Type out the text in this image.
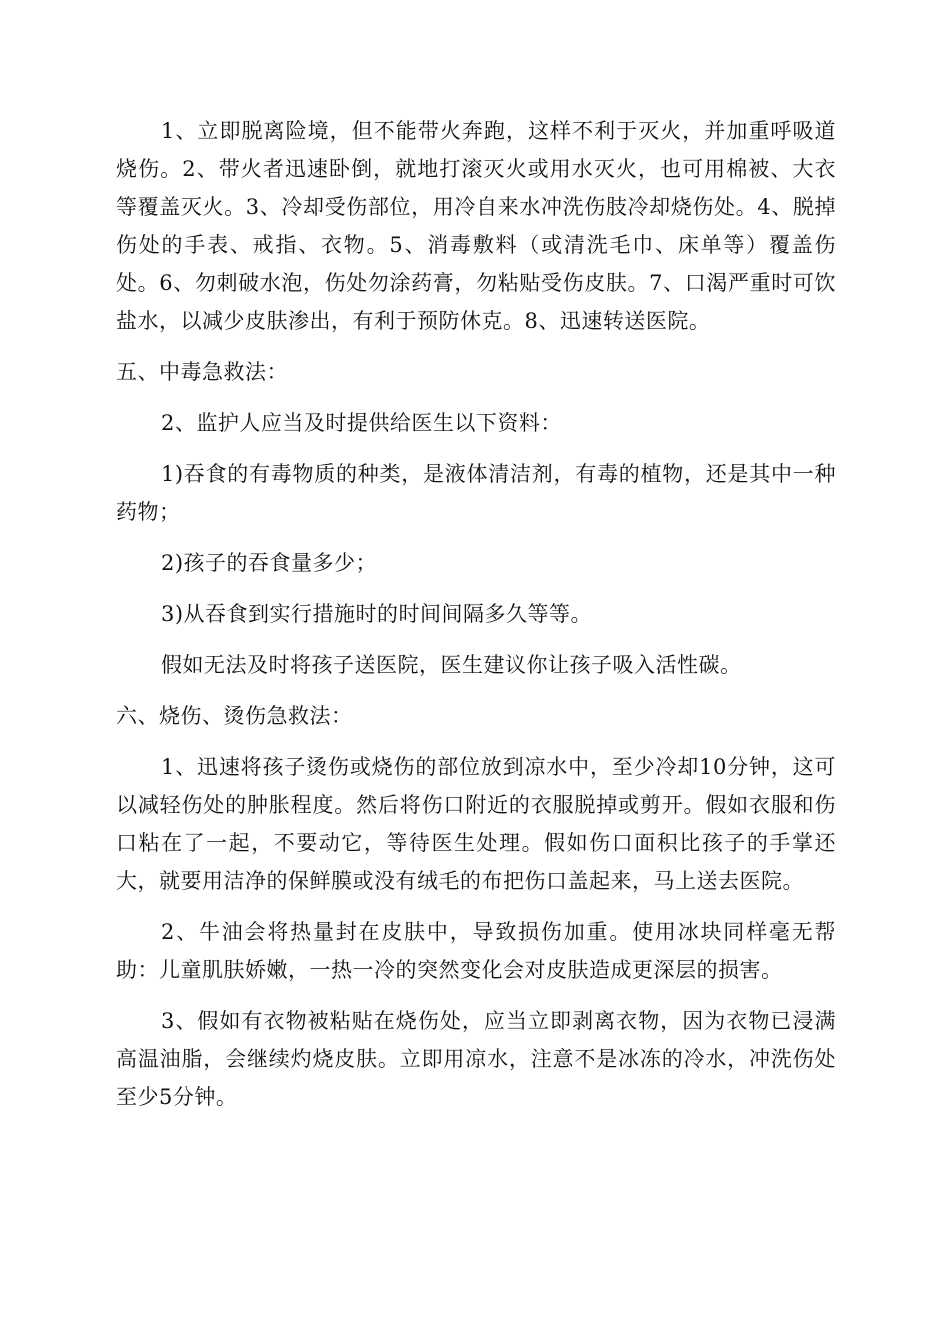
1、立即脱离险境，但不能带火奔跑，这样不利于灭火，并加重呼吸道烧伤。2、带火者迅速卧倒，就地打滚灭火或用水灭火，也可用棉被、大衣等覆盖灭火。3、冷却受伤部位，用冷自来水冲洗伤肢冷却烧伤处。4、脱掉伤处的手表、戒指、衣物。5、消毒敷料（或清洗毛巾、床单等）覆盖伤处。6、勿刺破水泡，伤处勿涂药膏，勿粘贴受伤皮肤。7、口渴严重时可饮盐水，以减少皮肤渗出，有利于预防休克。8、迅速转送医院。

五、中毒急救法：

2、监护人应当及时提供给医生以下资料：

1)吞食的有毒物质的种类，是液体清洁剂，有毒的植物，还是其中一种药物；

2)孩子的吞食量多少；

3)从吞食到实行措施时的时间间隔多久等等。

假如无法及时将孩子送医院，医生建议你让孩子吸入活性碳。

六、烧伤、烫伤急救法：

1、迅速将孩子烫伤或烧伤的部位放到凉水中，至少冷却10分钟，这可以减轻伤处的肿胀程度。然后将伤口附近的衣服脱掉或剪开。假如衣服和伤口粘在了一起，不要动它，等待医生处理。假如伤口面积比孩子的手掌还大，就要用洁净的保鲜膜或没有绒毛的布把伤口盖起来，马上送去医院。

2、牛油会将热量封在皮肤中，导致损伤加重。使用冰块同样毫无帮助：儿童肌肤娇嫩，一热一冷的突然变化会对皮肤造成更深层的损害。

3、假如有衣物被粘贴在烧伤处，应当立即剥离衣物，因为衣物已浸满高温油脂，会继续灼烧皮肤。立即用凉水，注意不是冰冻的冷水，冲洗伤处至少5分钟。
